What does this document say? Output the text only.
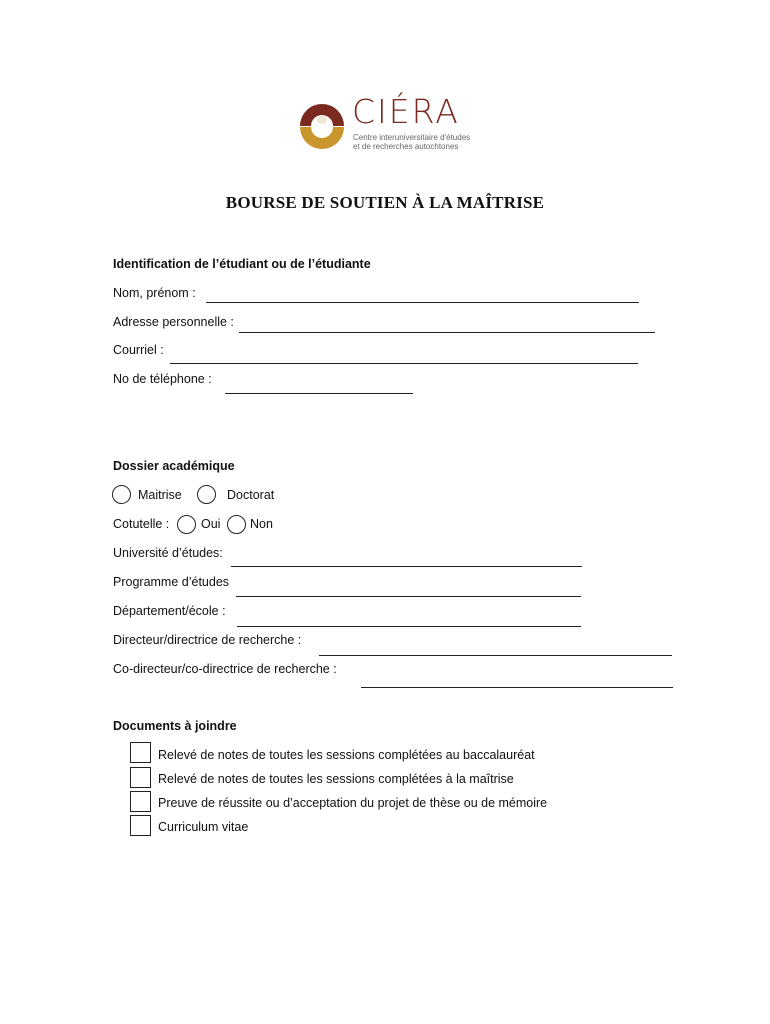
CIÉRA
Centre interuniversitaire d'études
et de recherches autochtones
BOURSE DE SOUTIEN À LA MAÎTRISE
Identification de l’étudiant ou de l’étudiante
Nom, prénom :
Adresse personnelle :
Courriel :
No de téléphone :
Dossier académique
Maitrise	Doctorat
Cotutelle :	Oui Non
Université d’études:
Programme d’études
Département/école :
Directeur/directrice de recherche :
Co-directeur/co-directrice de recherche :
Documents à joindre
Relevé de notes de toutes les sessions complétées au baccalauréat
Relevé de notes de toutes les sessions complétées à la maîtrise
Preuve de réussite ou d’acceptation du projet de thèse ou de mémoire
Curriculum vitae
